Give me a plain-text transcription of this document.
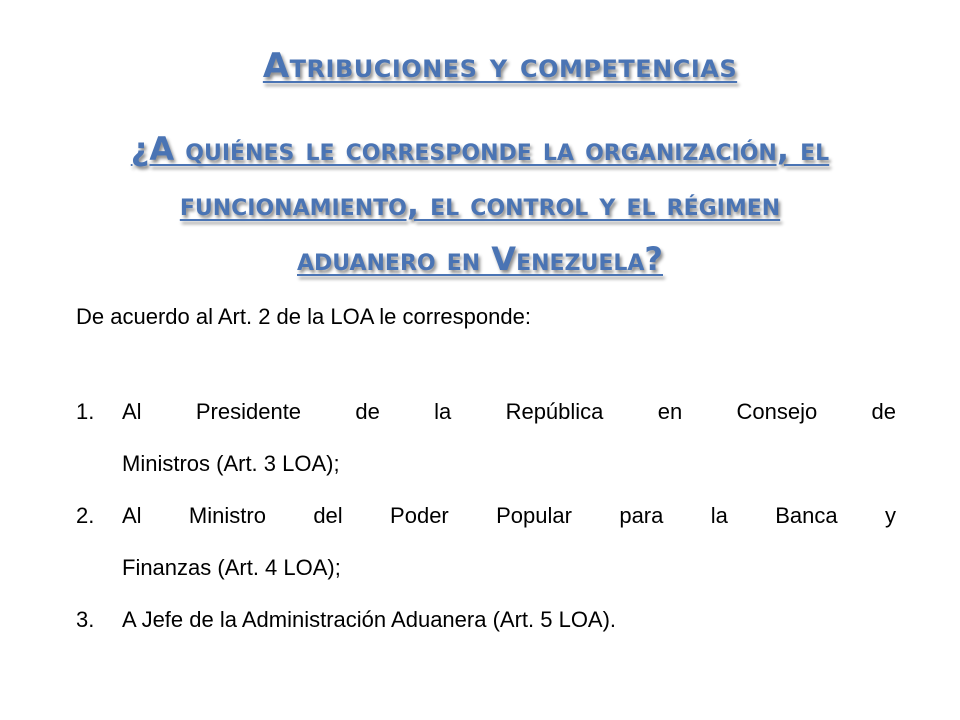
Atribuciones y competencias
¿A quiénes le corresponde la organización, el
funcionamiento, el control y el régimen
aduanero en Venezuela?
De acuerdo al Art. 2 de la LOA le corresponde:
1. Al Presidente de la República en Consejo de
Ministros (Art. 3 LOA);
2. Al Ministro del Poder Popular para la Banca y
Finanzas (Art. 4 LOA);
3. A Jefe de la Administración Aduanera (Art. 5 LOA).
